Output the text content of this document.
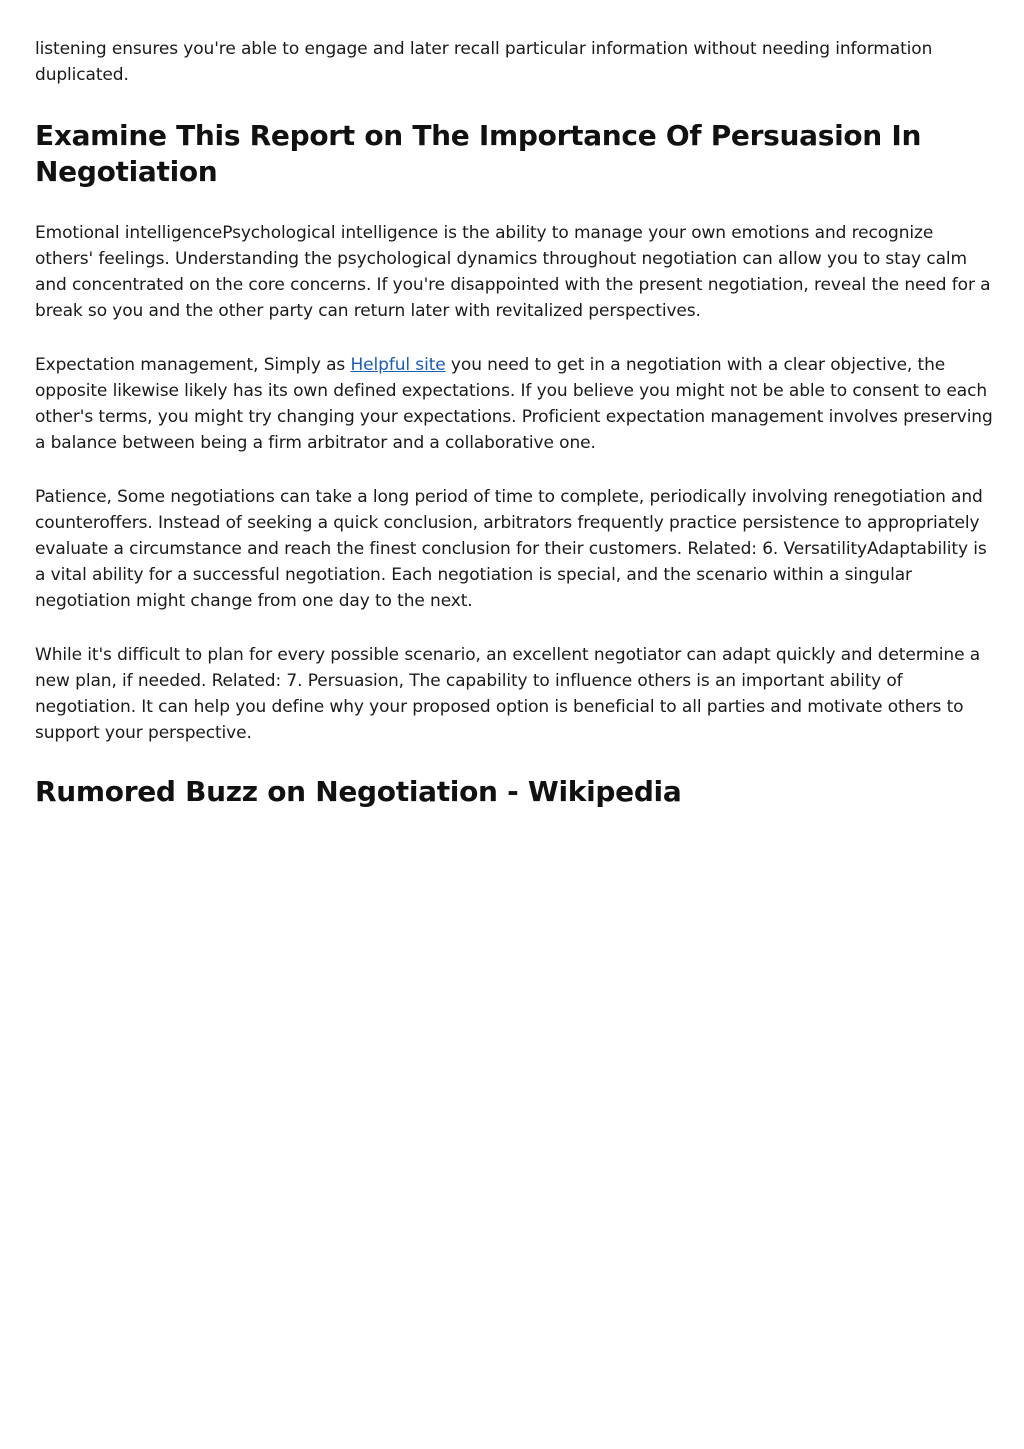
listening ensures you're able to engage and later recall particular information without needing information duplicated.

Examine This Report on The Importance Of Persuasion In Negotiation

Emotional intelligencePsychological intelligence is the ability to manage your own emotions and recognize others' feelings. Understanding the psychological dynamics throughout negotiation can allow you to stay calm and concentrated on the core concerns. If you're disappointed with the present negotiation, reveal the need for a break so you and the other party can return later with revitalized perspectives.

Expectation management, Simply as Helpful site you need to get in a negotiation with a clear objective, the opposite likewise likely has its own defined expectations. If you believe you might not be able to consent to each other's terms, you might try changing your expectations. Proficient expectation management involves preserving a balance between being a firm arbitrator and a collaborative one.

Patience, Some negotiations can take a long period of time to complete, periodically involving renegotiation and counteroffers. Instead of seeking a quick conclusion, arbitrators frequently practice persistence to appropriately evaluate a circumstance and reach the finest conclusion for their customers. Related: 6. VersatilityAdaptability is a vital ability for a successful negotiation. Each negotiation is special, and the scenario within a singular negotiation might change from one day to the next.

While it's difficult to plan for every possible scenario, an excellent negotiator can adapt quickly and determine a new plan, if needed. Related: 7. Persuasion, The capability to influence others is an important ability of negotiation. It can help you define why your proposed option is beneficial to all parties and motivate others to support your perspective.

Rumored Buzz on Negotiation - Wikipedia
